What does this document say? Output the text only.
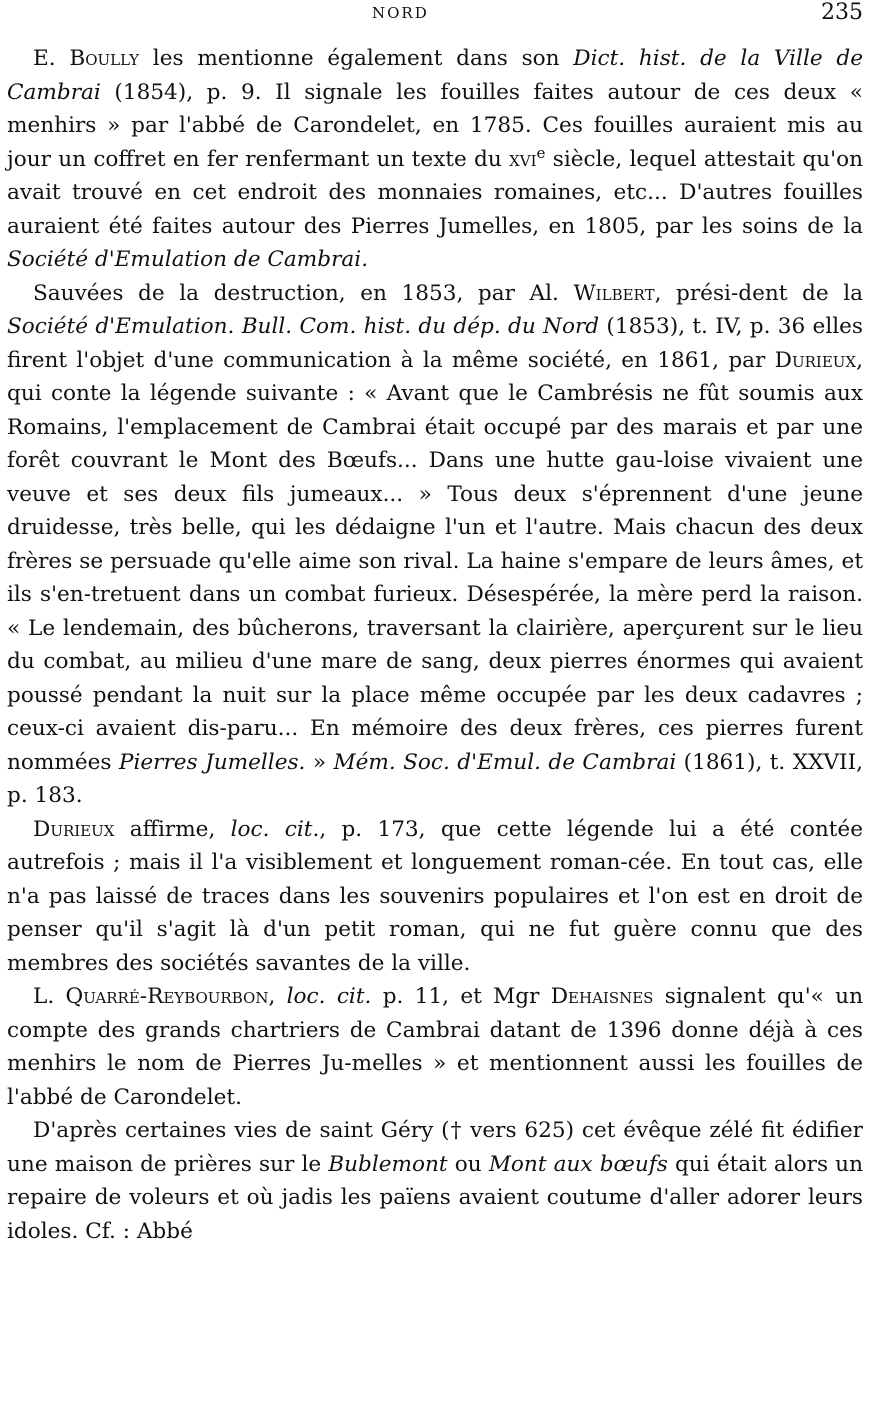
NORD	235

E. Boully les mentionne également dans son Dict. hist. de la Ville de Cambrai (1854), p. 9. Il signale les fouilles faites autour de ces deux « menhirs » par l'abbé de Carondelet, en 1785. Ces fouilles auraient mis au jour un coffret en fer renfermant un texte du xvi$^e$ siècle, lequel attestait qu'on avait trouvé en cet endroit des monnaies romaines, etc... D'autres fouilles auraient été faites autour des Pierres Jumelles, en 1805, par les soins de la Société d'Emulation de Cambrai.

Sauvées de la destruction, en 1853, par Al. Wilbert, prési-dent de la Société d'Emulation. Bull. Com. hist. du dép. du Nord (1853), t. IV, p. 36 elles firent l'objet d'une communication à la même société, en 1861, par Durieux, qui conte la légende suivante : « Avant que le Cambrésis ne fût soumis aux Romains, l'emplacement de Cambrai était occupé par des marais et par une forêt couvrant le Mont des Bœufs... Dans une hutte gau-loise vivaient une veuve et ses deux fils jumeaux... » Tous deux s'éprennent d'une jeune druidesse, très belle, qui les dédaigne l'un et l'autre. Mais chacun des deux frères se persuade qu'elle aime son rival. La haine s'empare de leurs âmes, et ils s'en-tretuent dans un combat furieux. Désespérée, la mère perd la raison. « Le lendemain, des bûcherons, traversant la clairière, aperçurent sur le lieu du combat, au milieu d'une mare de sang, deux pierres énormes qui avaient poussé pendant la nuit sur la place même occupée par les deux cadavres ; ceux-ci avaient dis-paru... En mémoire des deux frères, ces pierres furent nommées Pierres Jumelles. » Mém. Soc. d'Emul. de Cambrai (1861), t. XXVII, p. 183.

Durieux affirme, loc. cit., p. 173, que cette légende lui a été contée autrefois ; mais il l'a visiblement et longuement roman-cée. En tout cas, elle n'a pas laissé de traces dans les souvenirs populaires et l'on est en droit de penser qu'il s'agit là d'un petit roman, qui ne fut guère connu que des membres des sociétés savantes de la ville.

L. Quarré-Reybourbon, loc. cit. p. 11, et Mgr Dehaisnes signalent qu'« un compte des grands chartriers de Cambrai datant de 1396 donne déjà à ces menhirs le nom de Pierres Ju-melles » et mentionnent aussi les fouilles de l'abbé de Carondelet.

D'après certaines vies de saint Géry († vers 625) cet évêque zélé fit édifier une maison de prières sur le Bublemont ou Mont aux bœufs qui était alors un repaire de voleurs et où jadis les païens avaient coutume d'aller adorer leurs idoles. Cf. : Abbé
